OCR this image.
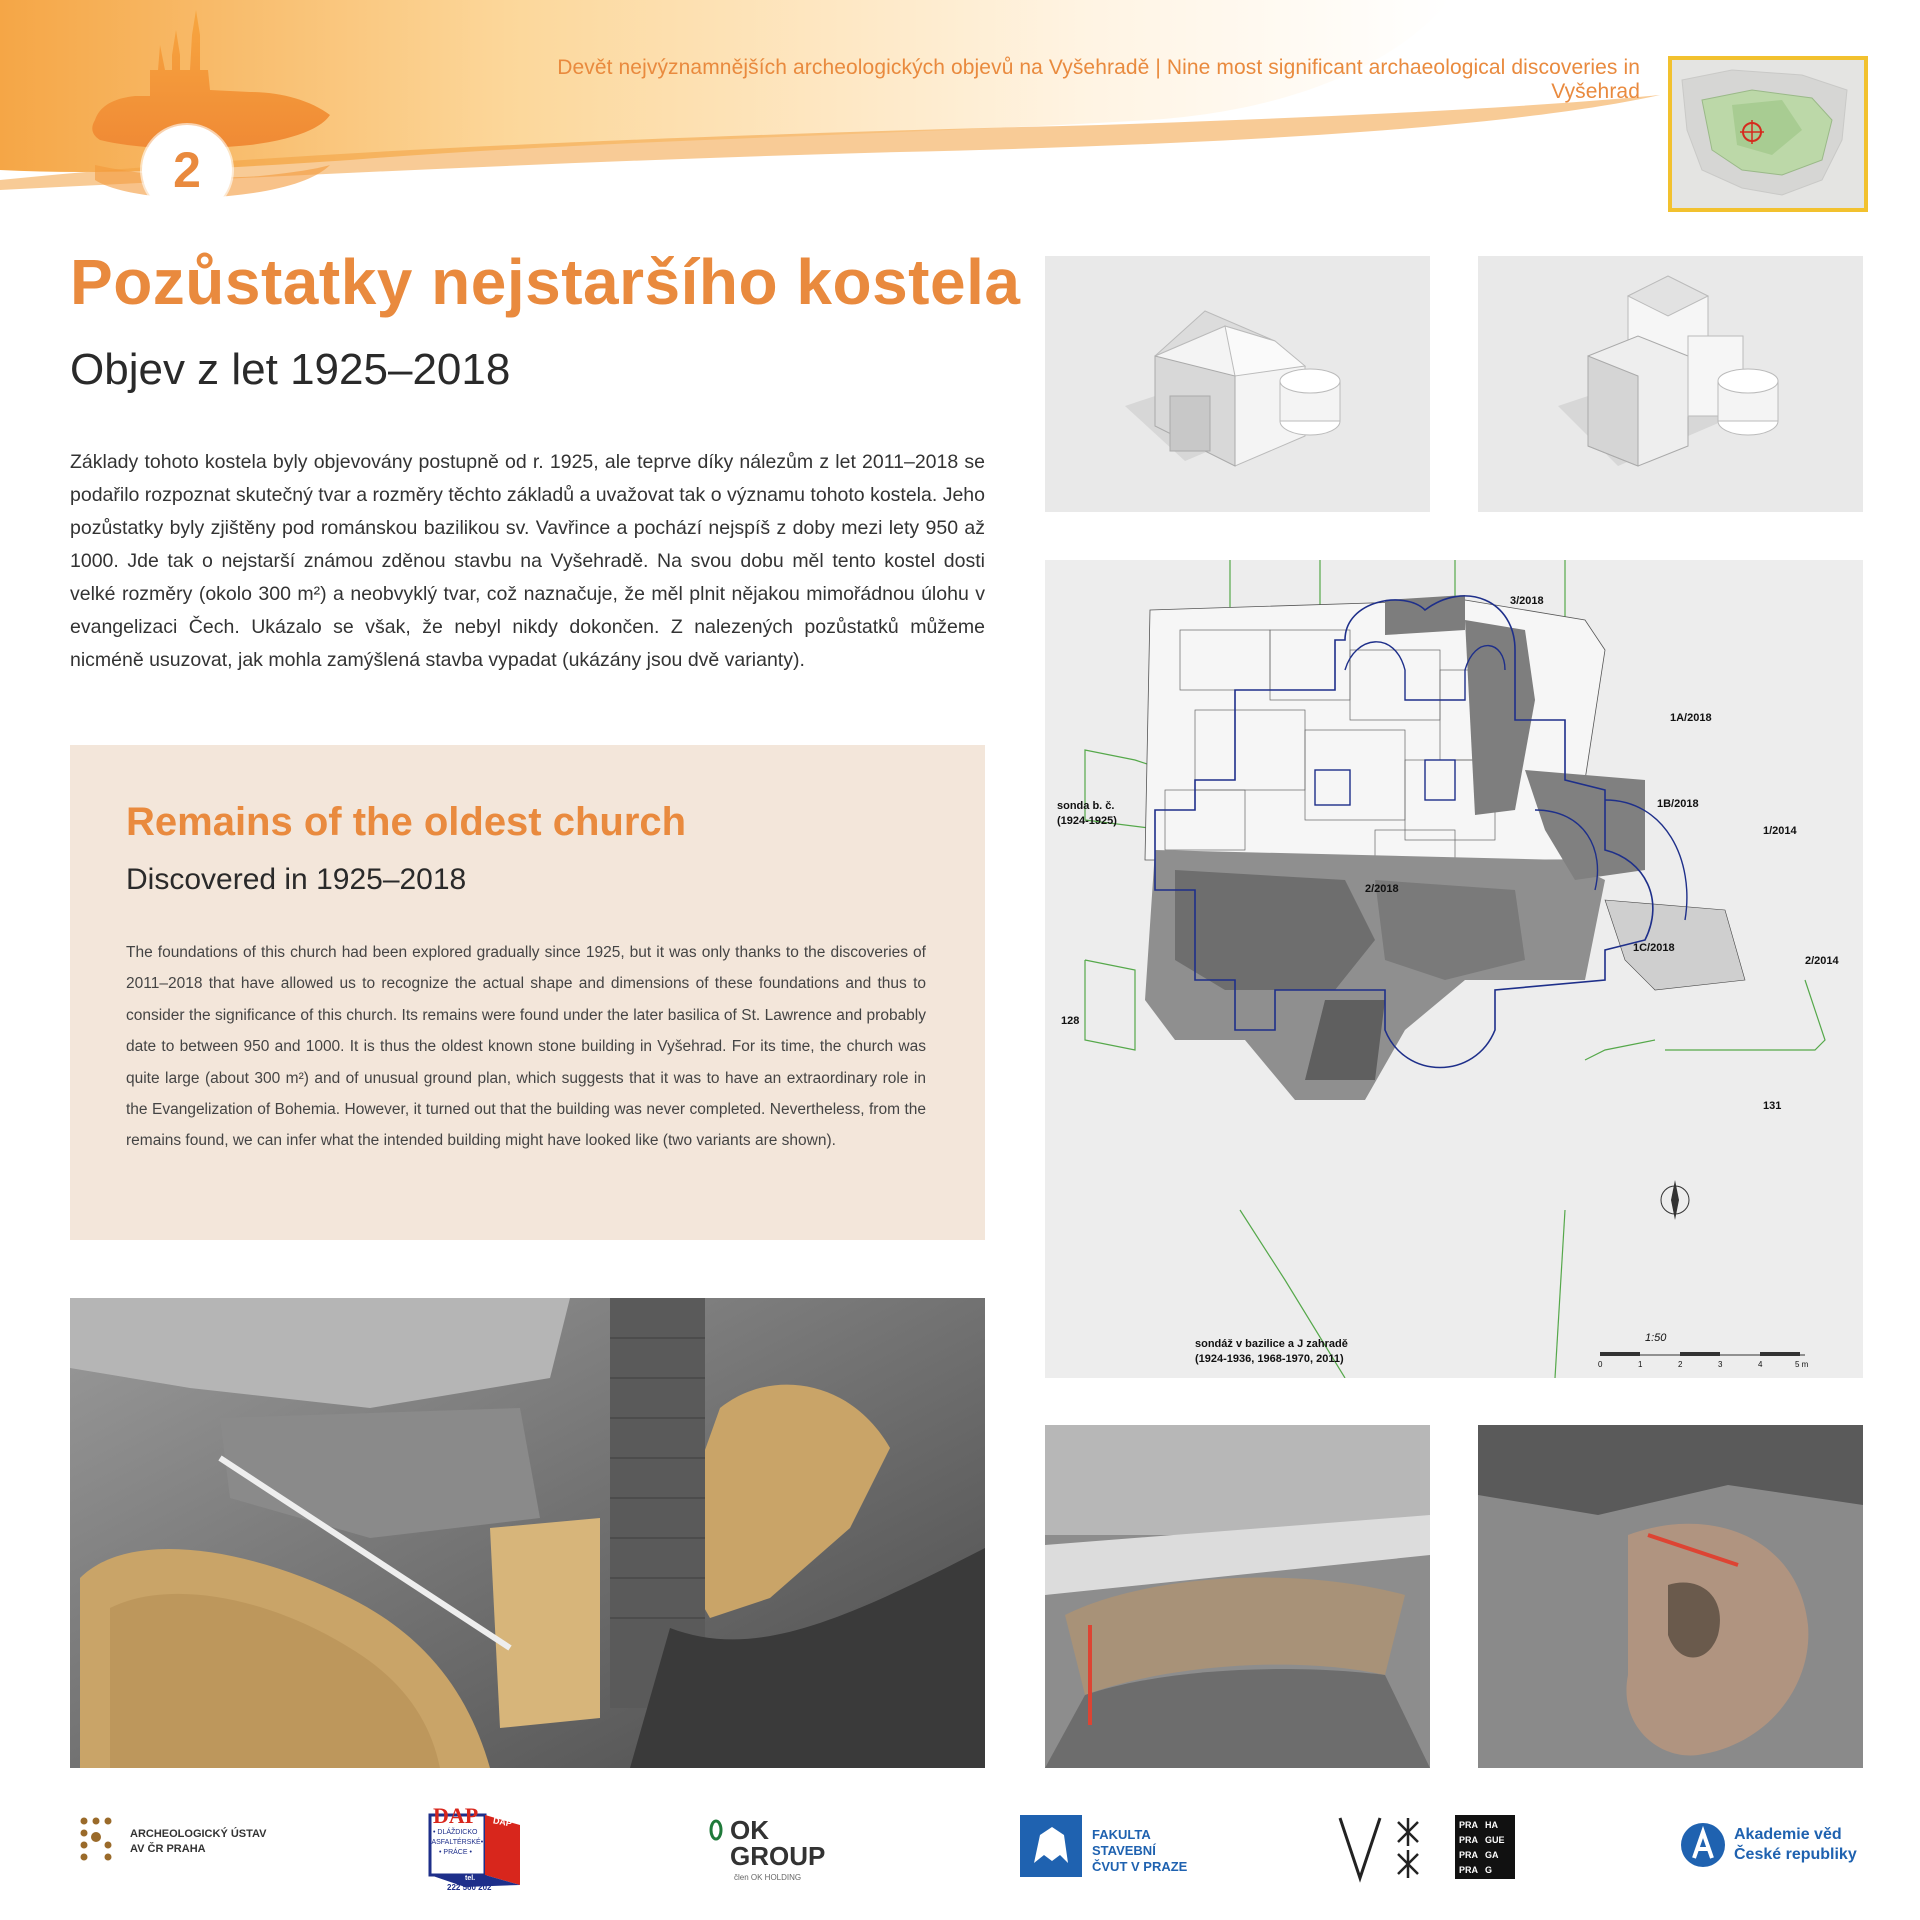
2
Devět nejvýznamnějších archeologických objevů na Vyšehradě | Nine most significant archaeological discoveries in Vyšehrad
Pozůstatky nejstaršího kostela
Objev z let 1925–2018
Základy tohoto kostela byly objevovány postupně od r. 1925, ale teprve díky nálezům z let 2011–2018 se podařilo rozpoznat skutečný tvar a rozměry těchto základů a uvažovat tak o významu tohoto kostela. Jeho pozůstatky byly zjištěny pod románskou bazilikou sv. Vavřince a pochází nejspíš z doby mezi lety 950 až 1000. Jde tak o nejstarší známou zděnou stavbu na Vyšehradě. Na svou dobu měl tento kostel dosti velké rozměry (okolo 300 m²) a neobvyklý tvar, což naznačuje, že měl plnit nějakou mimořádnou úlohu v evangelizaci Čech. Ukázalo se však, že nebyl nikdy dokončen. Z nalezených pozůstatků můžeme nicméně usuzovat, jak mohla zamýšlená stavba vypadat (ukázány jsou dvě varianty).
Remains of the oldest church
Discovered in 1925–2018
The foundations of this church had been explored gradually since 1925, but it was only thanks to the discoveries of 2011–2018 that have allowed us to recognize the actual shape and dimensions of these foundations and thus to consider the significance of this church. Its remains were found under the later basilica of St. Lawrence and probably date to between 950 and 1000. It is thus the oldest known stone building in Vyšehrad. For its time, the church was quite large (about 300 m²) and of unusual ground plan, which suggests that it was to have an extraordinary role in the Evangelization of Bohemia. However, it turned out that the building was never completed. Nevertheless, from the remains found, we can infer what the intended building might have looked like (two variants are shown).
3/2018
1A/2018
1B/2018
1/2014
2/2018
1C/2018
2/2014
128
131
sonda b. č.
(1924-1925)
sondáž v bazilice a J zahradě
(1924-1936, 1968-1970, 2011)
1:50
0	1	2	3	4	5 m
ARCHEOLOGICKÝ ÚSTAV
AV ČR PRAHA
DAP DAP
• DLÁŽDICKO
•ASFALTÉRSKÉ•
• PRÁCE •
tel.
222 560 202
OK
GROUP
člen OK HOLDING
FAKULTA
STAVEBNÍ
ČVUT V PRAZE
PRA
PRA
PRA
PRA
HA
GUE
GA
G
Akademie věd
České republiky
